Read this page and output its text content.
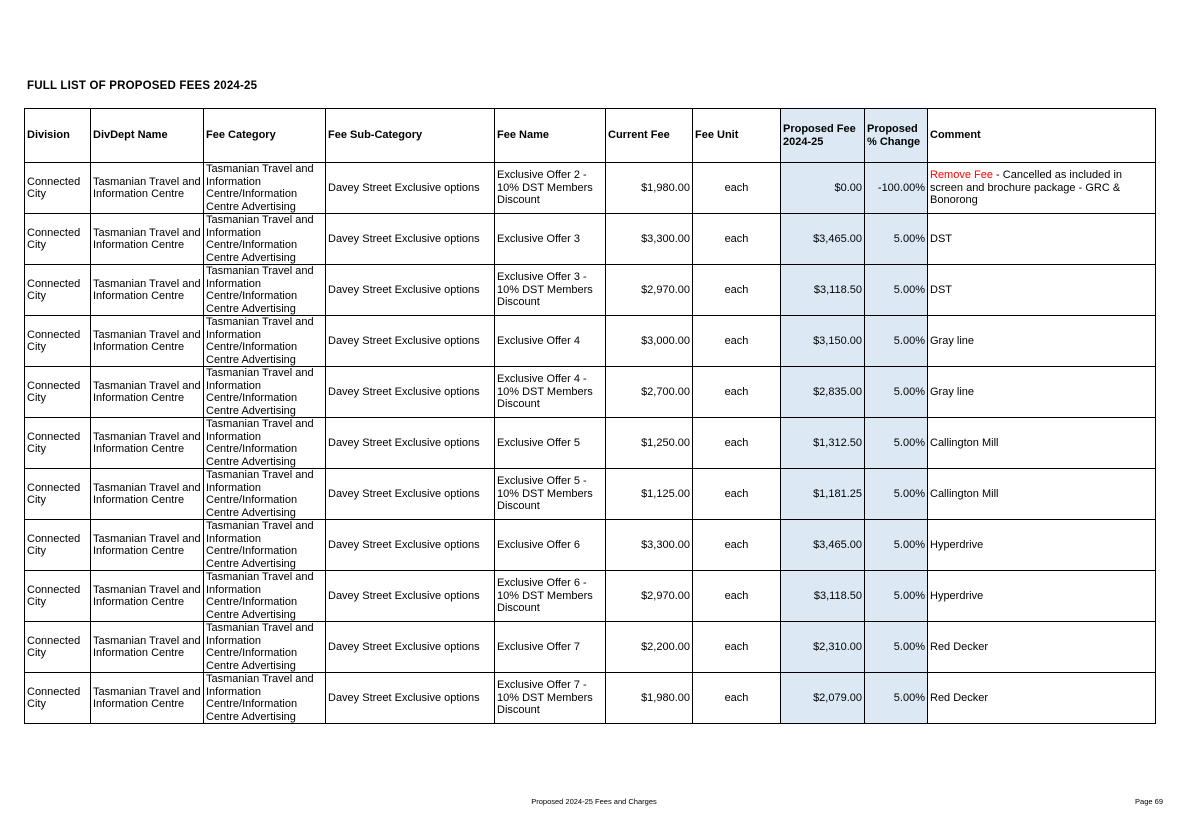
FULL LIST OF PROPOSED FEES 2024-25
Division	DivDept Name	Fee Category	Fee Sub-Category	Fee Name	Current Fee	Fee Unit	Proposed Fee 2024-25	Proposed % Change	Comment
Connected City	Tasmanian Travel and Information Centre	Tasmanian Travel and Information Centre/Information Centre Advertising	Davey Street Exclusive options	Exclusive Offer 2 - 10% DST Members Discount	$1,980.00	each	$0.00	-100.00%	Remove Fee - Cancelled as included in screen and brochure package - GRC & Bonorong
Connected City	Tasmanian Travel and Information Centre	Tasmanian Travel and Information Centre/Information Centre Advertising	Davey Street Exclusive options	Exclusive Offer 3	$3,300.00	each	$3,465.00	5.00%	DST
Connected City	Tasmanian Travel and Information Centre	Tasmanian Travel and Information Centre/Information Centre Advertising	Davey Street Exclusive options	Exclusive Offer 3 - 10% DST Members Discount	$2,970.00	each	$3,118.50	5.00%	DST
Connected City	Tasmanian Travel and Information Centre	Tasmanian Travel and Information Centre/Information Centre Advertising	Davey Street Exclusive options	Exclusive Offer 4	$3,000.00	each	$3,150.00	5.00%	Gray line
Connected City	Tasmanian Travel and Information Centre	Tasmanian Travel and Information Centre/Information Centre Advertising	Davey Street Exclusive options	Exclusive Offer 4 - 10% DST Members Discount	$2,700.00	each	$2,835.00	5.00%	Gray line
Connected City	Tasmanian Travel and Information Centre	Tasmanian Travel and Information Centre/Information Centre Advertising	Davey Street Exclusive options	Exclusive Offer 5	$1,250.00	each	$1,312.50	5.00%	Callington Mill
Connected City	Tasmanian Travel and Information Centre	Tasmanian Travel and Information Centre/Information Centre Advertising	Davey Street Exclusive options	Exclusive Offer 5 - 10% DST Members Discount	$1,125.00	each	$1,181.25	5.00%	Callington Mill
Connected City	Tasmanian Travel and Information Centre	Tasmanian Travel and Information Centre/Information Centre Advertising	Davey Street Exclusive options	Exclusive Offer 6	$3,300.00	each	$3,465.00	5.00%	Hyperdrive
Connected City	Tasmanian Travel and Information Centre	Tasmanian Travel and Information Centre/Information Centre Advertising	Davey Street Exclusive options	Exclusive Offer 6 - 10% DST Members Discount	$2,970.00	each	$3,118.50	5.00%	Hyperdrive
Connected City	Tasmanian Travel and Information Centre	Tasmanian Travel and Information Centre/Information Centre Advertising	Davey Street Exclusive options	Exclusive Offer 7	$2,200.00	each	$2,310.00	5.00%	Red Decker
Connected City	Tasmanian Travel and Information Centre	Tasmanian Travel and Information Centre/Information Centre Advertising	Davey Street Exclusive options	Exclusive Offer 7 - 10% DST Members Discount	$1,980.00	each	$2,079.00	5.00%	Red Decker
Proposed 2024-25 Fees and Charges	Page 69
